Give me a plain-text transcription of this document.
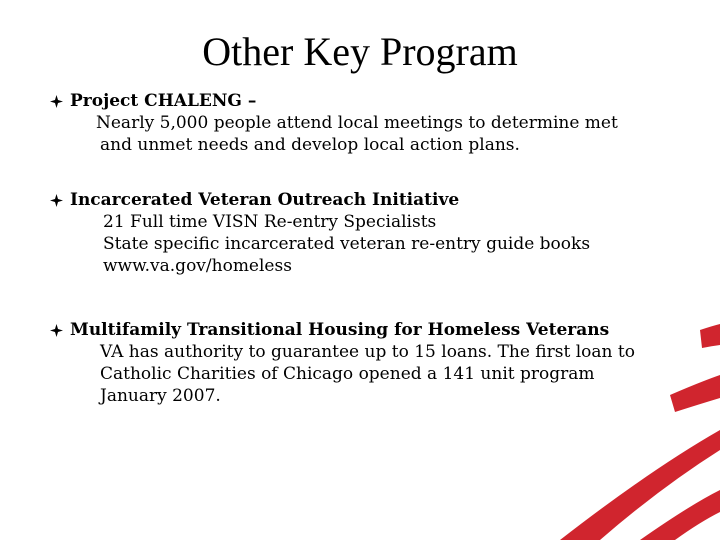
Other Key Program
Project CHALENG –
Nearly 5,000 people attend local meetings to determine met
and unmet needs and develop local action plans.
Incarcerated Veteran Outreach Initiative
21 Full time VISN Re-entry Specialists
State specific incarcerated veteran re-entry guide books
www.va.gov/homeless
Multifamily Transitional Housing for Homeless Veterans
VA has authority to guarantee up to 15 loans. The first loan to
Catholic Charities of Chicago opened a 141 unit program
January 2007.
